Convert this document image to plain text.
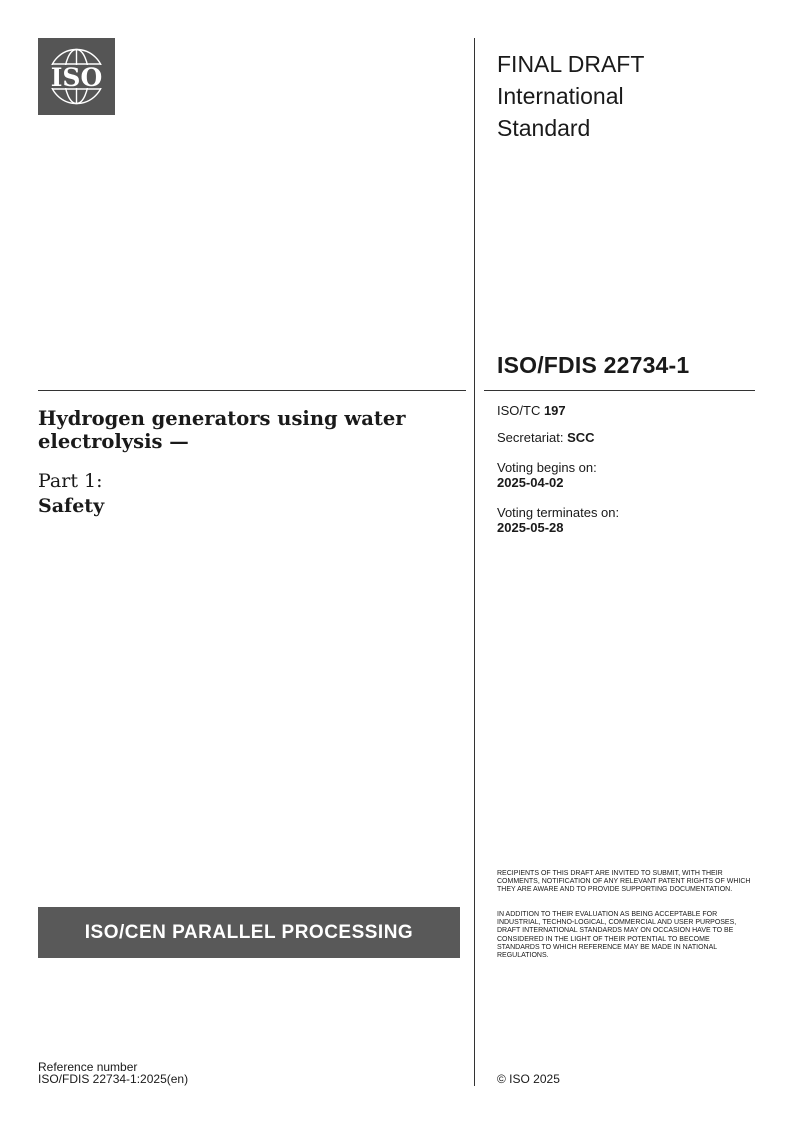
ISO	FINAL DRAFT
International
Standard
ISO/FDIS 22734-1
Hydrogen generators using water electrolysis —
Part 1:
Safety
ISO/TC 197
Secretariat: SCC
Voting begins on:
2025-04-02
Voting terminates on:
2025-05-28
ISO/CEN PARALLEL PROCESSING
RECIPIENTS OF THIS DRAFT ARE INVITED TO SUBMIT, WITH THEIR COMMENTS, NOTIFICATION OF ANY RELEVANT PATENT RIGHTS OF WHICH THEY ARE AWARE AND TO PROVIDE SUPPORTING DOCUMENTATION.
IN ADDITION TO THEIR EVALUATION AS BEING ACCEPTABLE FOR INDUSTRIAL, TECHNO-LOGICAL, COMMERCIAL AND USER PURPOSES, DRAFT INTERNATIONAL STANDARDS MAY ON OCCASION HAVE TO BE CONSIDERED IN THE LIGHT OF THEIR POTENTIAL TO BECOME STANDARDS TO WHICH REFERENCE MAY BE MADE IN NATIONAL REGULATIONS.
Reference number
ISO/FDIS 22734-1:2025(en)	© ISO 2025
